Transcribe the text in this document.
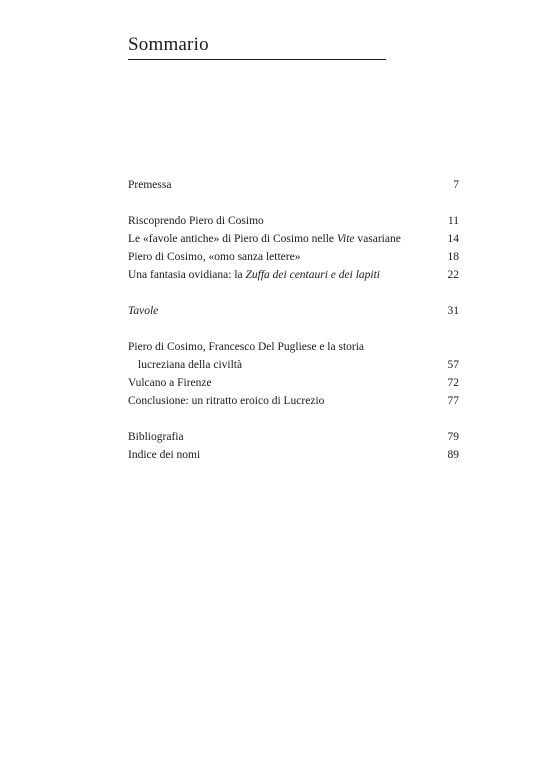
Sommario
Premessa	7
Riscoprendo Piero di Cosimo	11
Le «favole antiche» di Piero di Cosimo nelle Vite vasariane	14
Piero di Cosimo, «omo sanza lettere»	18
Una fantasia ovidiana: la Zuffa dei centauri e dei lapiti	22
Tavole	31
Piero di Cosimo, Francesco Del Pugliese e la storia
lucreziana della civiltà	57
Vulcano a Firenze	72
Conclusione: un ritratto eroico di Lucrezio	77
Bibliografia	79
Indice dei nomi	89
